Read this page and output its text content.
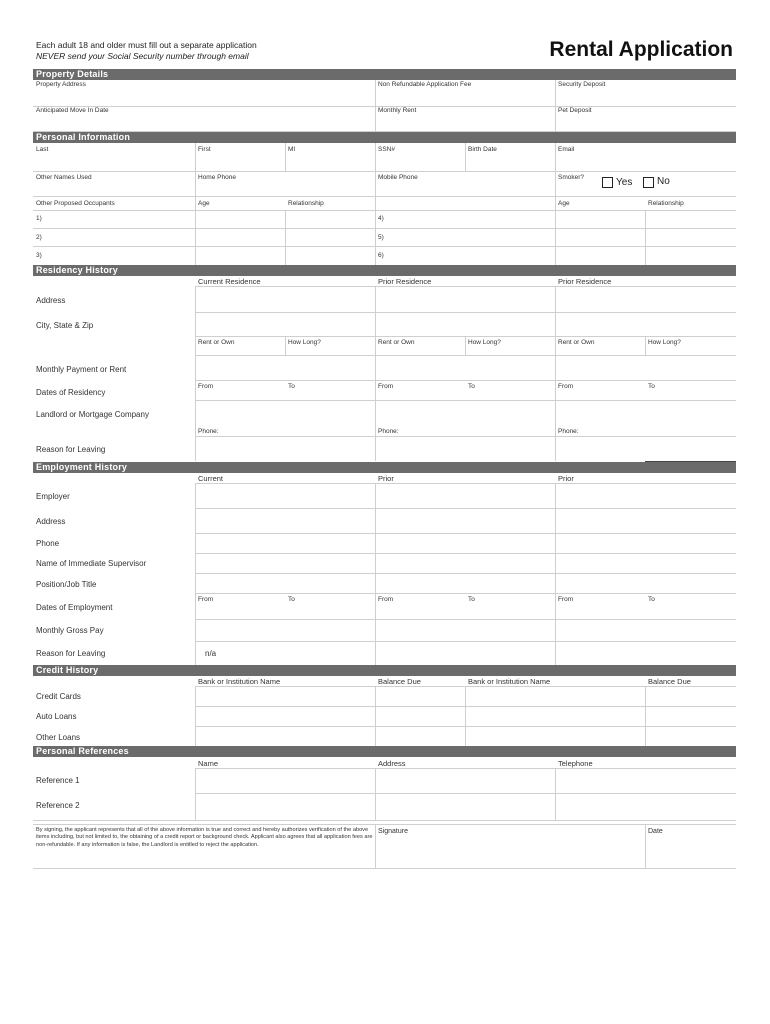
Each adult 18 and older must fill out a separate application
NEVER send your Social Security number through email	Rental Application
Property Details
Property Address	Non Refundable Application Fee	Security Deposit
Anticipated Move In Date	Monthly Rent	Pet Deposit
Personal Information
Last	First	MI	SSN#	Birth Date	Email
Other Names Used	Home Phone	Mobile Phone	Smoker?	Yes No
Other Proposed Occupants	Age	Relationship	Age	Relationship
1)
2)
3)
4)
5)
6)
Residency History
Current Residence	Prior Residence	Prior Residence
Address
City, State & Zip
Rent or Own	How Long?	Rent or Own	How Long?	Rent or Own	How Long?
Monthly Payment or Rent
Dates of Residency
From	To	From	To	From	To
Landlord or Mortgage Company
Phone:	Phone:	Phone:
Reason for Leaving
Employment History
Current	Prior	Prior
Employer
Address
Phone
Name of Immediate Supervisor
Position/Job Title
Dates of Employment
From	To	From	To	From	To
Monthly Gross Pay
Reason for Leaving	n/a
Credit History
Bank or Institution Name	Balance Due	Bank or Institution Name	Balance Due
Credit Cards
Auto Loans
Other Loans
Personal References
Name	Address	Telephone
Reference 1
Reference 2
By signing, the applicant represents that all of the above information is true and correct and hereby authorizes verification of the above items including, but not limited to, the obtaining of a credit report or background check. Applicant also agrees that all application fees are non-refundable. If any information is false, the Landlord is entitled to reject the application.
Signature	Date
